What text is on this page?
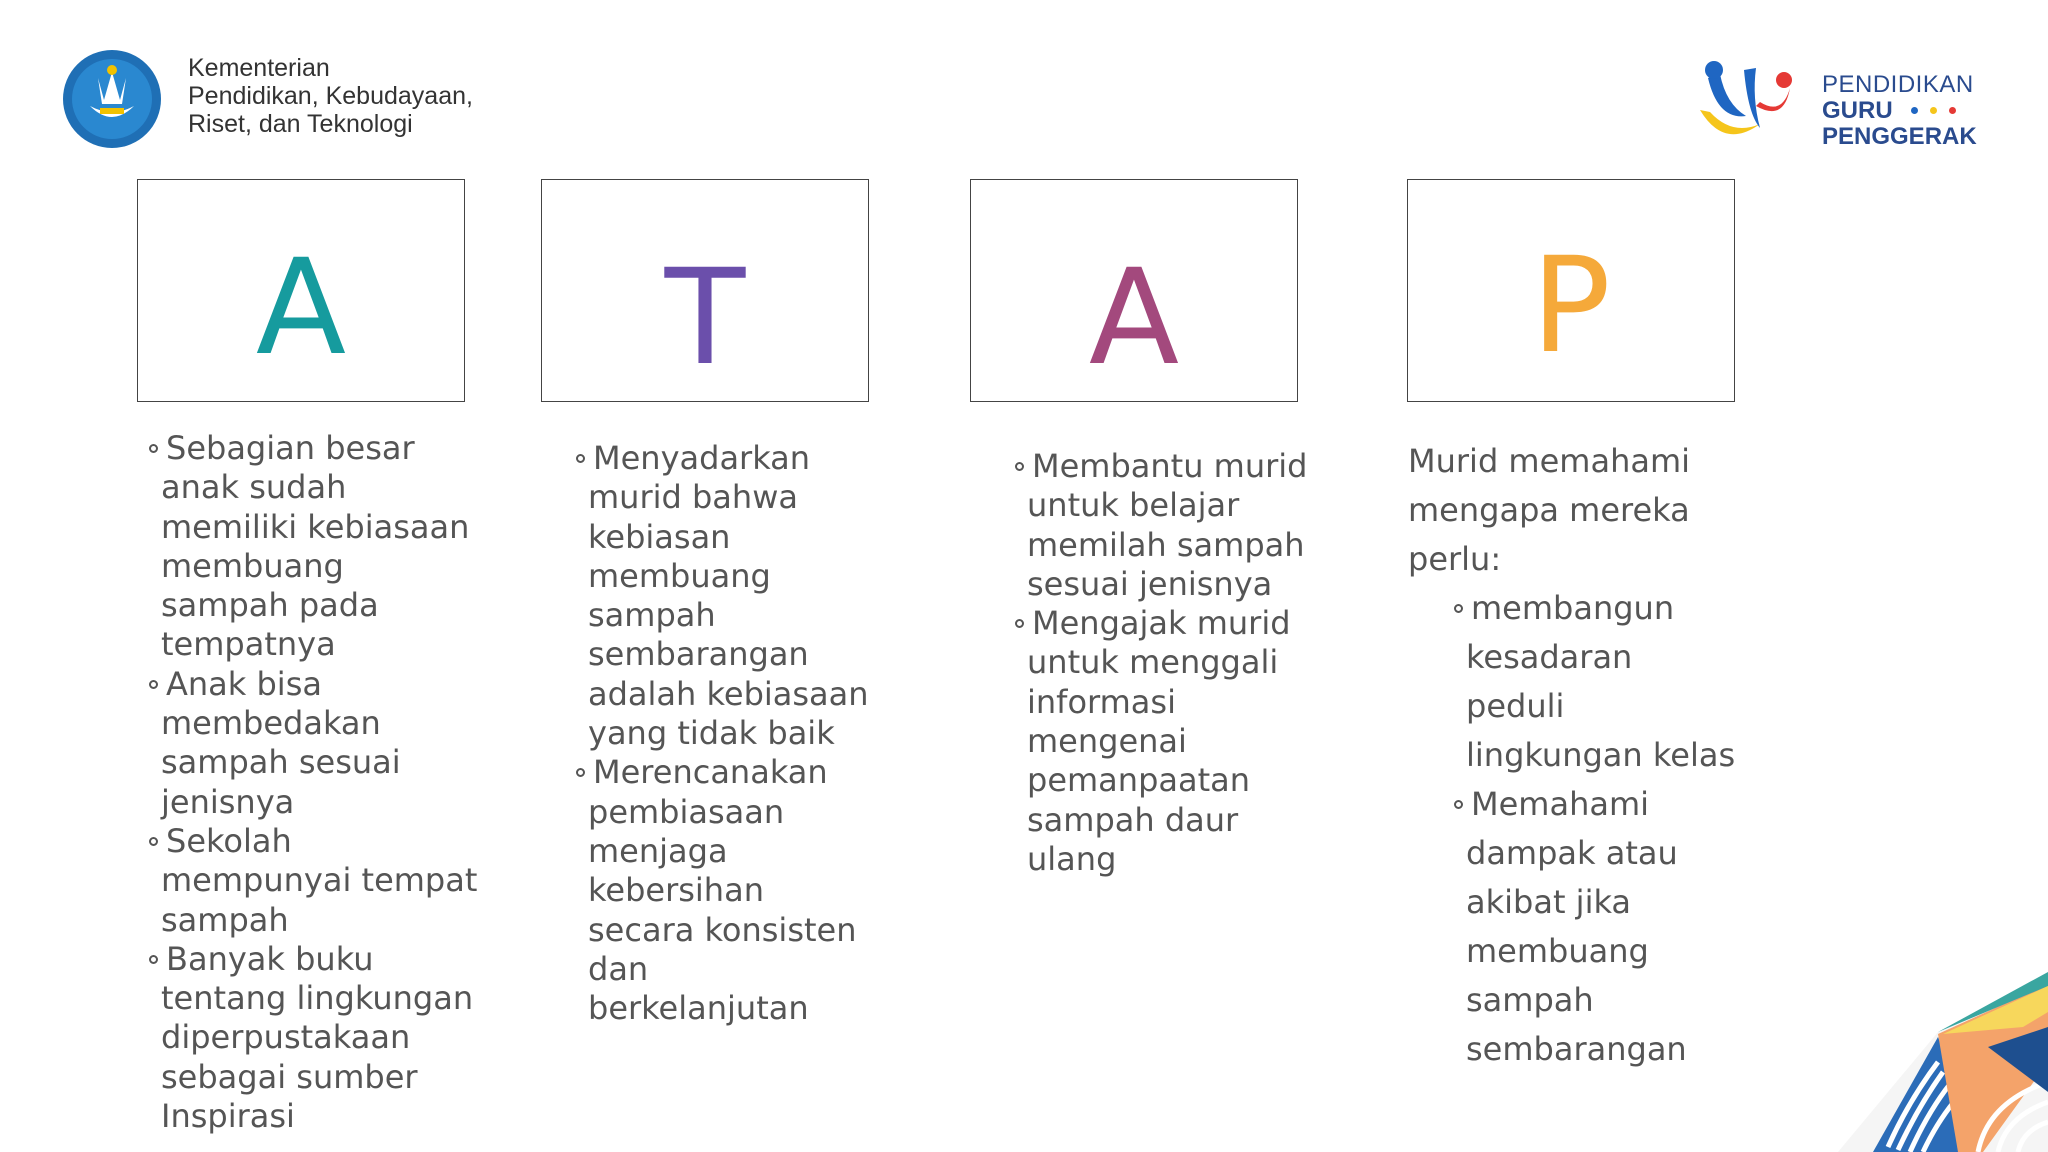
Kementerian
Pendidikan, Kebudayaan,
Riset, dan Teknologi
PENDIDIKAN
GURU
PENGGERAK
A	T	A	P
Sebagian besar anak sudah memiliki kebiasaan membuang sampah pada tempatnya
Anak bisa membedakan sampah sesuai jenisnya
Sekolah mempunyai tempat sampah
Banyak buku tentang lingkungan diperpustakaan sebagai sumber Inspirasi
Menyadarkan murid bahwa kebiasan membuang sampah sembarangan adalah kebiasaan yang tidak baik
Merencanakan pembiasaan menjaga kebersihan secara konsisten dan berkelanjutan
Membantu murid untuk belajar memilah sampah sesuai jenisnya
Mengajak murid untuk menggali informasi mengenai pemanpaatan sampah daur ulang
Murid memahami mengapa mereka perlu:
membangun kesadaran peduli lingkungan kelas
Memahami dampak atau akibat jika membuang sampah sembarangan
